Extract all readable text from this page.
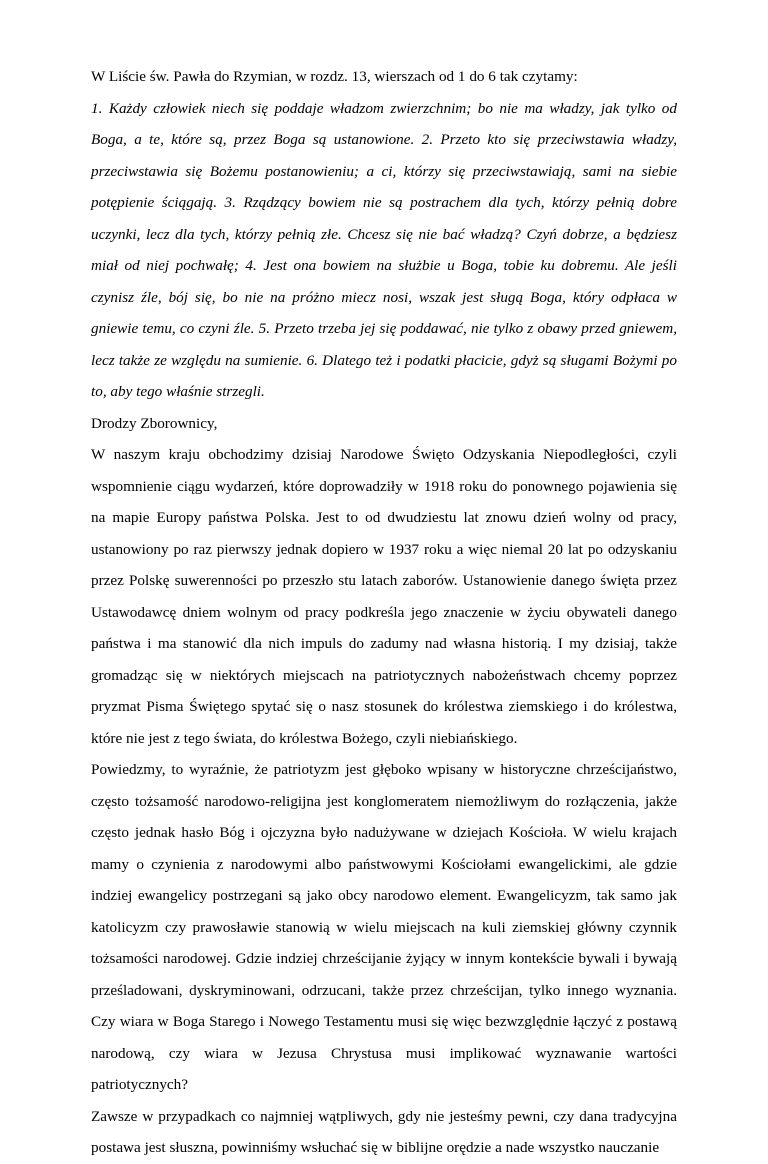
W Liście św. Pawła do Rzymian, w rozdz. 13, wierszach od 1 do 6 tak czytamy:

1. Każdy człowiek niech się poddaje władzom zwierzchnim; bo nie ma władzy, jak tylko od Boga, a te, które są, przez Boga są ustanowione. 2. Przeto kto się przeciwstawia władzy, przeciwstawia się Bożemu postanowieniu; a ci, którzy się przeciwstawiają, sami na siebie potępienie ściągają. 3. Rządzący bowiem nie są postrachem dla tych, którzy pełnią dobre uczynki, lecz dla tych, którzy pełnią złe. Chcesz się nie bać władzą? Czyń dobrze, a będziesz miał od niej pochwałę; 4. Jest ona bowiem na służbie u Boga, tobie ku dobremu. Ale jeśli czynisz źle, bój się, bo nie na próżno miecz nosi, wszak jest sługą Boga, który odpłaca w gniewie temu, co czyni źle. 5. Przeto trzeba jej się poddawać, nie tylko z obawy przed gniewem, lecz także ze względu na sumienie. 6. Dlatego też i podatki płacicie, gdyż są sługami Bożymi po to, aby tego właśnie strzegli.

Drodzy Zborownicy,

W naszym kraju obchodzimy dzisiaj Narodowe Święto Odzyskania Niepodległości, czyli wspomnienie ciągu wydarzeń, które doprowadziły w 1918 roku do ponownego pojawienia się na mapie Europy państwa Polska. Jest to od dwudziestu lat znowu dzień wolny od pracy, ustanowiony po raz pierwszy jednak dopiero w 1937 roku a więc niemal 20 lat po odzyskaniu przez Polskę suwerenności po przeszło stu latach zaborów. Ustanowienie danego święta przez Ustawodawcę dniem wolnym od pracy podkreśla jego znaczenie w życiu obywateli danego państwa i ma stanowić dla nich impuls do zadumy nad własna historią. I my dzisiaj, także gromadząc się w niektórych miejscach na patriotycznych nabożeństwach chcemy poprzez pryzmat Pisma Świętego spytać się o nasz stosunek do królestwa ziemskiego i do królestwa, które nie jest z tego świata, do królestwa Bożego, czyli niebiańskiego.

Powiedzmy, to wyraźnie, że patriotyzm jest głęboko wpisany w historyczne chrześcijaństwo, często tożsamość narodowo-religijna jest konglomeratem niemożliwym do rozłączenia, jakże często jednak hasło Bóg i ojczyzna było nadużywane w dziejach Kościoła. W wielu krajach mamy o czynienia z narodowymi albo państwowymi Kościołami ewangelickimi, ale gdzie indziej ewangelicy postrzegani są jako obcy narodowo element. Ewangelicyzm, tak samo jak katolicyzm czy prawosławie stanowią w wielu miejscach na kuli ziemskiej główny czynnik tożsamości narodowej. Gdzie indziej chrześcijanie żyjący w innym kontekście bywali i bywają prześladowani, dyskryminowani, odrzucani, także przez chrześcijan, tylko innego wyznania. Czy wiara w Boga Starego i Nowego Testamentu musi się więc bezwzględnie łączyć z postawą narodową, czy wiara w Jezusa Chrystusa musi implikować wyznawanie wartości patriotycznych?

Zawsze w przypadkach co najmniej wątpliwych, gdy nie jesteśmy pewni, czy dana tradycyjna postawa jest słuszna, powinniśmy wsłuchać się w biblijne orędzie a nade wszystko nauczanie
